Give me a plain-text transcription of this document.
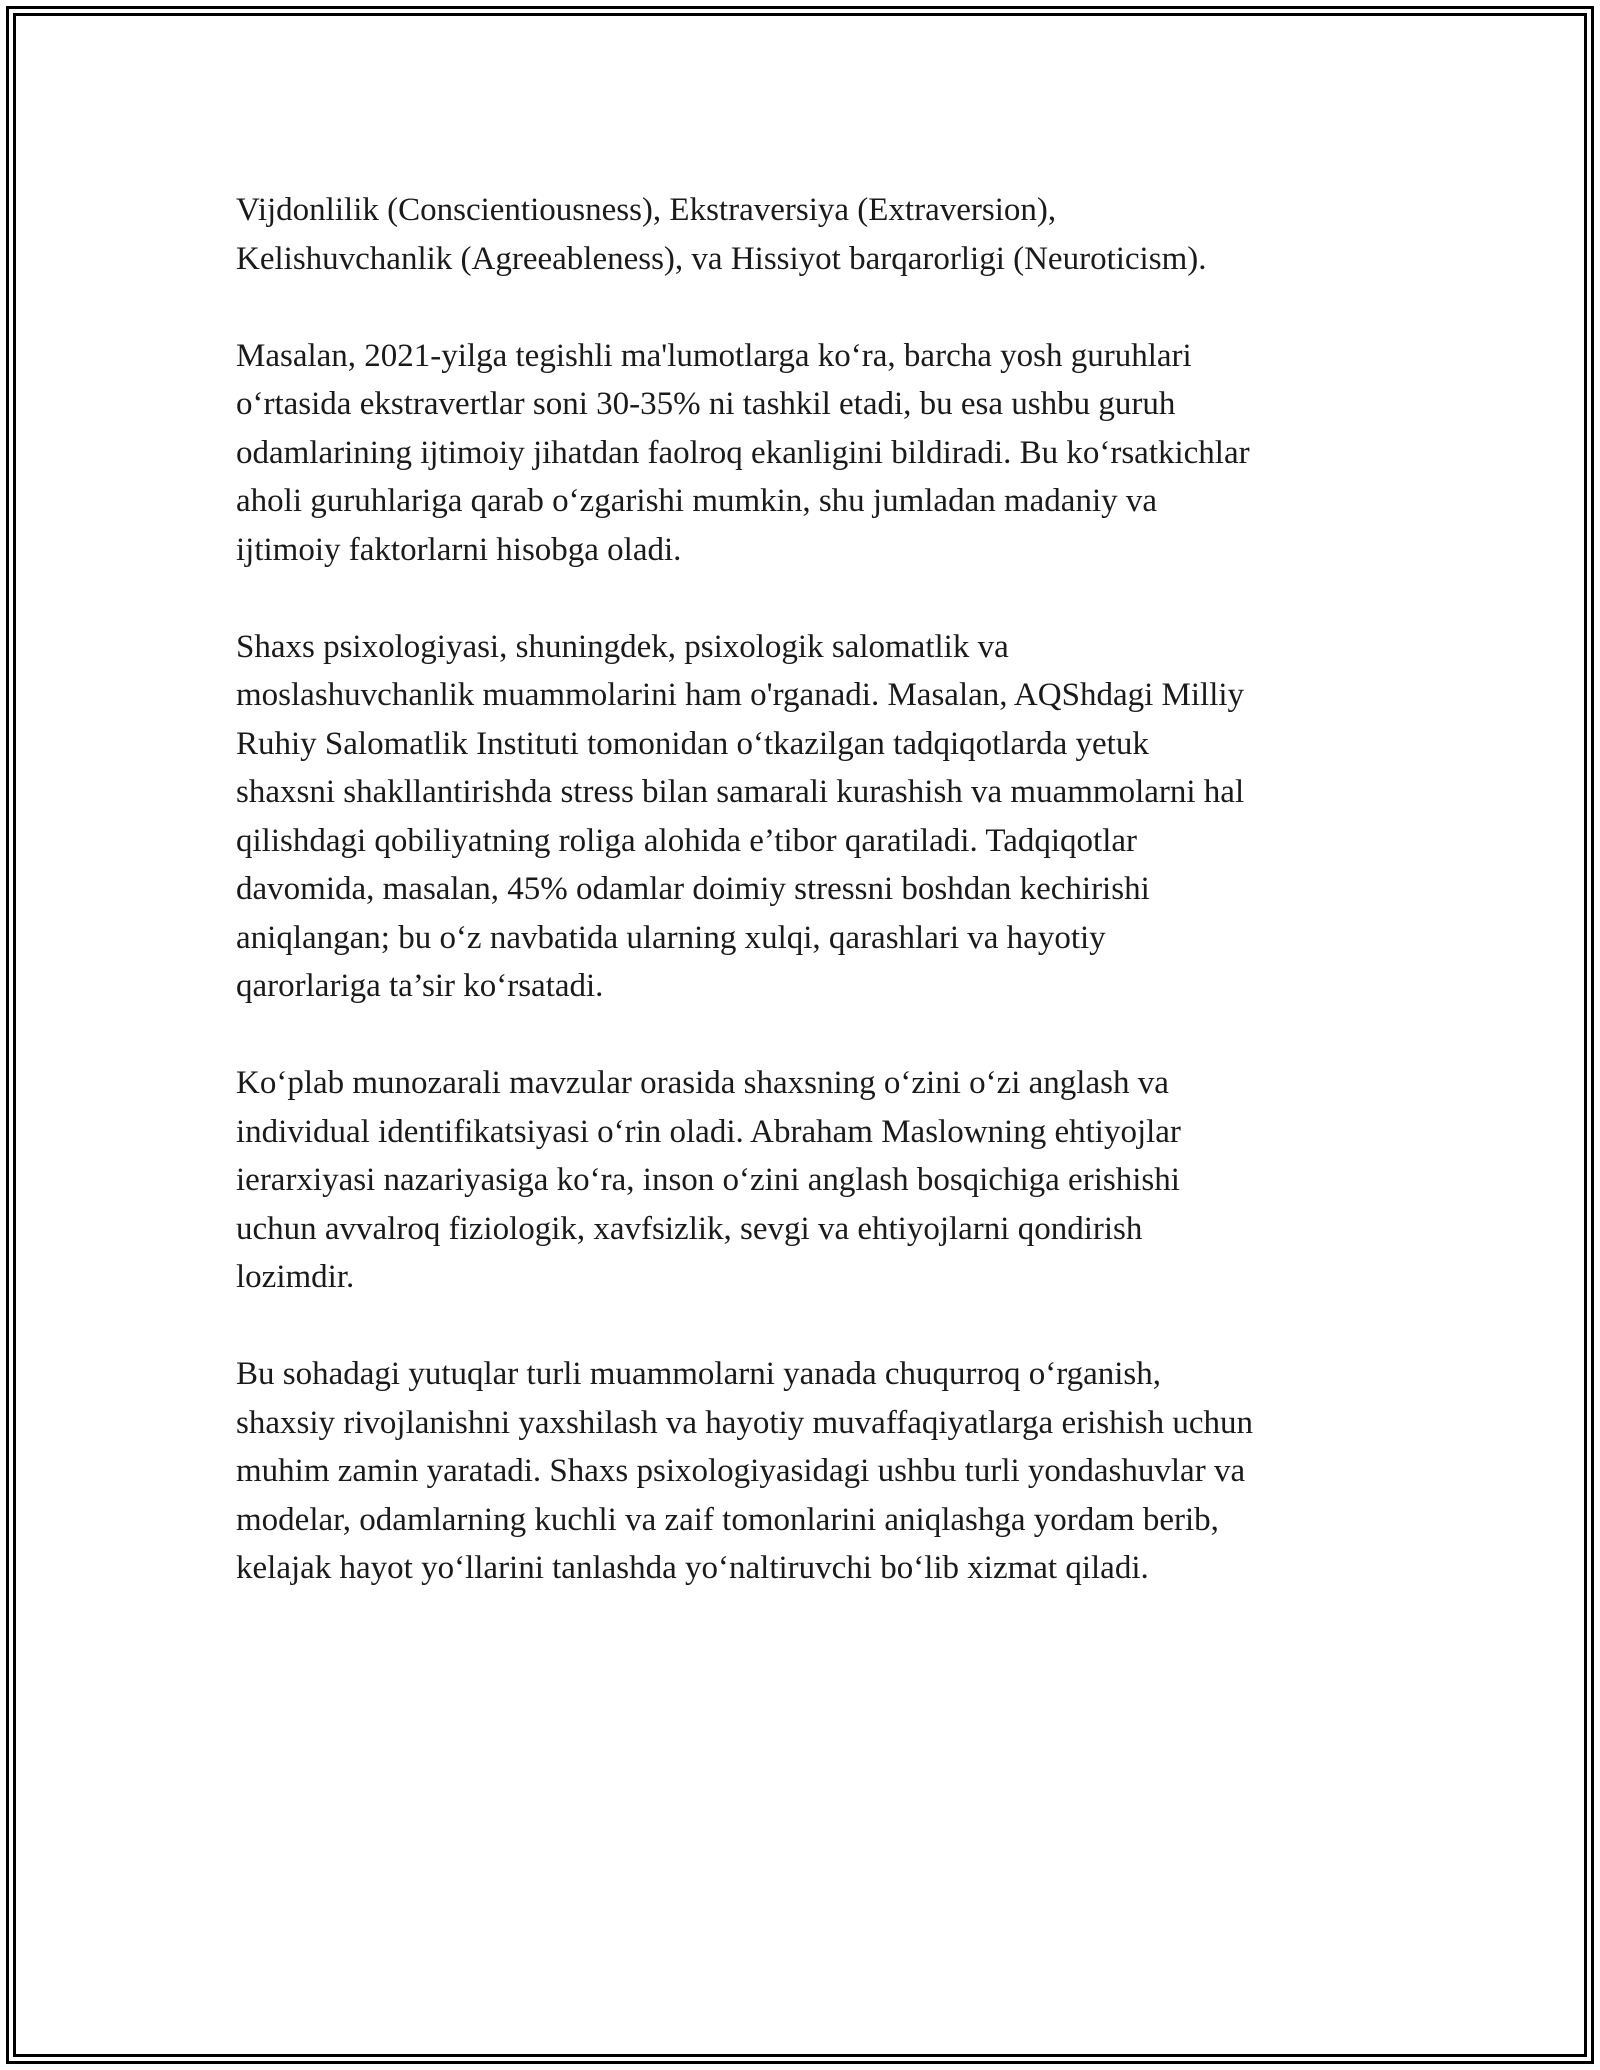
Vijdonlilik (Conscientiousness), Ekstraversiya (Extraversion),
Kelishuvchanlik (Agreeableness), va Hissiyot barqarorligi (Neuroticism).

Masalan, 2021-yilga tegishli ma'lumotlarga ko‘ra, barcha yosh guruhlari
o‘rtasida ekstravertlar soni 30-35% ni tashkil etadi, bu esa ushbu guruh
odamlarining ijtimoiy jihatdan faolroq ekanligini bildiradi. Bu ko‘rsatkichlar
aholi guruhlariga qarab o‘zgarishi mumkin, shu jumladan madaniy va
ijtimoiy faktorlarni hisobga oladi.

Shaxs psixologiyasi, shuningdek, psixologik salomatlik va
moslashuvchanlik muammolarini ham o'rganadi. Masalan, AQShdagi Milliy
Ruhiy Salomatlik Instituti tomonidan o‘tkazilgan tadqiqotlarda yetuk
shaxsni shakllantirishda stress bilan samarali kurashish va muammolarni hal
qilishdagi qobiliyatning roliga alohida e’tibor qaratiladi. Tadqiqotlar
davomida, masalan, 45% odamlar doimiy stressni boshdan kechirishi
aniqlangan; bu o‘z navbatida ularning xulqi, qarashlari va hayotiy
qarorlariga ta’sir ko‘rsatadi.

Ko‘plab munozarali mavzular orasida shaxsning o‘zini o‘zi anglash va
individual identifikatsiyasi o‘rin oladi. Abraham Maslowning ehtiyojlar
ierarxiyasi nazariyasiga ko‘ra, inson o‘zini anglash bosqichiga erishishi
uchun avvalroq fiziologik, xavfsizlik, sevgi va ehtiyojlarni qondirish
lozimdir.

Bu sohadagi yutuqlar turli muammolarni yanada chuqurroq o‘rganish,
shaxsiy rivojlanishni yaxshilash va hayotiy muvaffaqiyatlarga erishish uchun
muhim zamin yaratadi. Shaxs psixologiyasidagi ushbu turli yondashuvlar va
modelar, odamlarning kuchli va zaif tomonlarini aniqlashga yordam berib,
kelajak hayot yo‘llarini tanlashda yo‘naltiruvchi bo‘lib xizmat qiladi.
